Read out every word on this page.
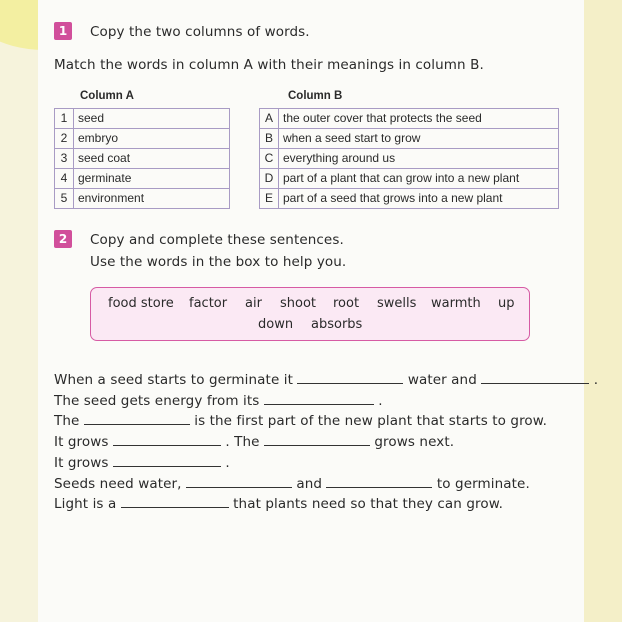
1	Copy the two columns of words.
Match the words in column A with their meanings in column B.
Column A	Column B
1	seed
2	embryo
3	seed coat
4	germinate
5	environment
A	the outer cover that protects the seed
B	when a seed start to grow
C	everything around us
D	part of a plant that can grow into a new plant
E	part of a seed that grows into a new plant
2	Copy and complete these sentences.
Use the words in the box to help you.
food store factor air shoot root swells warmth up
down absorbs
When a seed starts to germinate it	water and	.
The seed gets energy from its	.
The	is the first part of the new plant that starts to grow.
It grows	. The	grows next.
It grows	.
Seeds need water,	and	to germinate.
Light is a	that plants need so that they can grow.
